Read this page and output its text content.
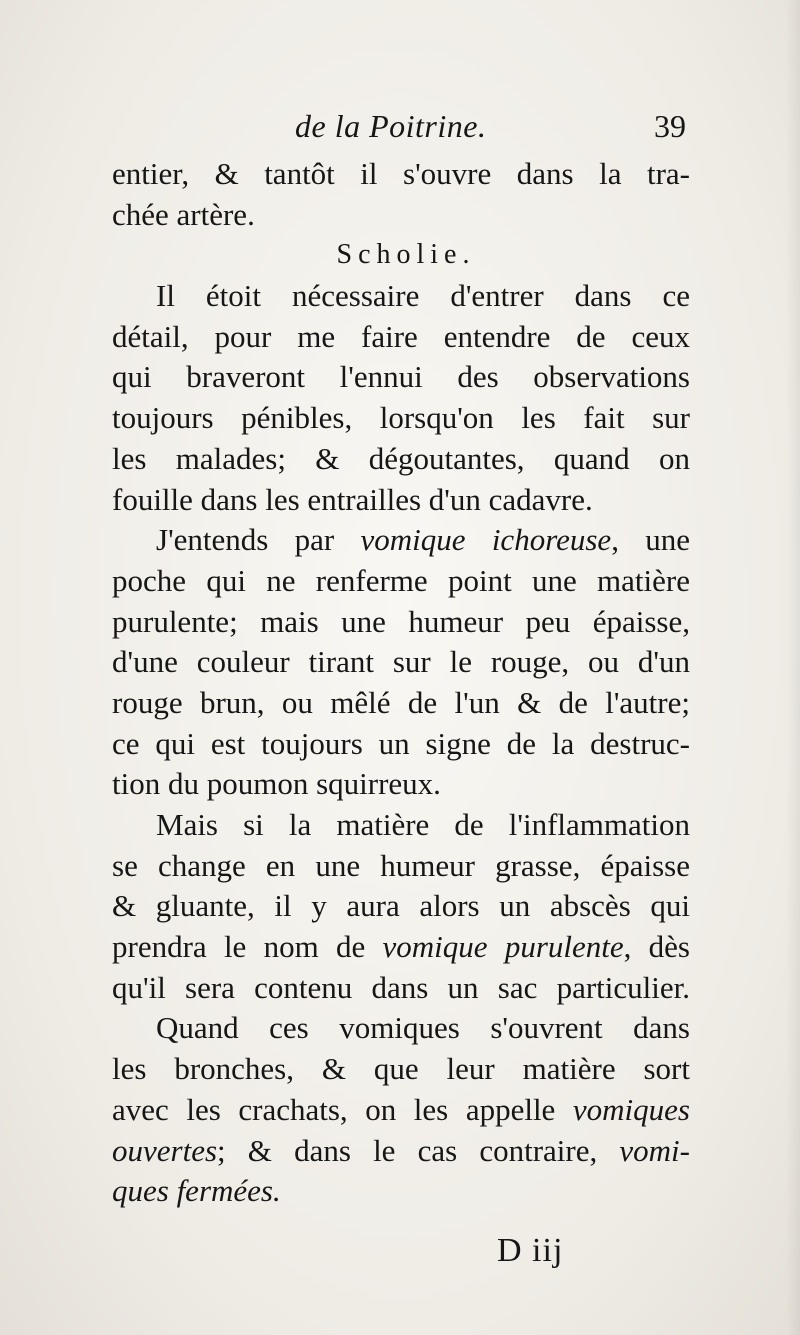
de la Poitrine.	39
entier, & tantôt il s'ouvre dans la tra-
chée artère.
Scholie.
Il étoit nécessaire d'entrer dans ce
détail, pour me faire entendre de ceux
qui braveront l'ennui des observations
toujours pénibles, lorsqu'on les fait sur
les malades; & dégoutantes, quand on
fouille dans les entrailles d'un cadavre.
J'entends par vomique ichoreuse, une
poche qui ne renferme point une matière
purulente; mais une humeur peu épaisse,
d'une couleur tirant sur le rouge, ou d'un
rouge brun, ou mêlé de l'un & de l'autre;
ce qui est toujours un signe de la destruc-
tion du poumon squirreux.
Mais si la matière de l'inflammation
se change en une humeur grasse, épaisse
& gluante, il y aura alors un abscès qui
prendra le nom de vomique purulente, dès
qu'il sera contenu dans un sac particulier.
Quand ces vomiques s'ouvrent dans
les bronches, & que leur matière sort
avec les crachats, on les appelle vomiques
ouvertes; & dans le cas contraire, vomi-
ques fermées.
D iij
